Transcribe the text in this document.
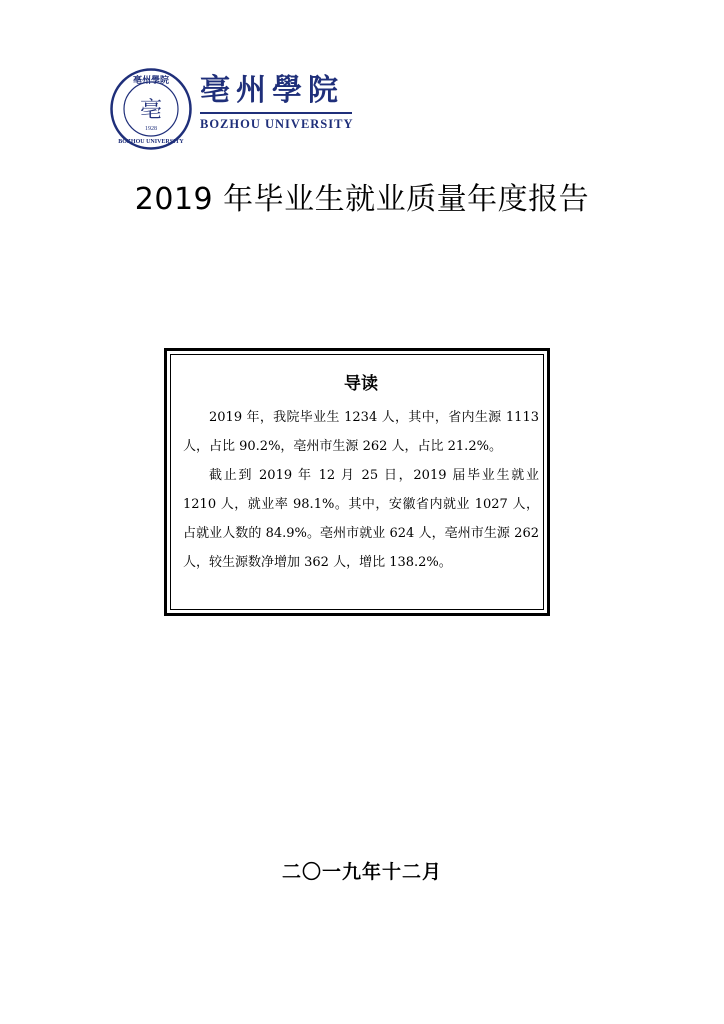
亳州學院
BOZHOU UNIVERSITY
亳
1928
亳州學院
BOZHOU UNIVERSITY
2019 年毕业生就业质量年度报告
导读

2019 年，我院毕业生 1234 人，其中，省内生源 1113 人，占比 90.2%，亳州市生源 262 人，占比 21.2%。

截止到 2019 年 12 月 25 日，2019 届毕业生就业 1210 人，就业率 98.1%。其中，安徽省内就业 1027 人，占就业人数的 84.9%。亳州市就业 624 人，亳州市生源 262 人，较生源数净增加 362 人，增比 138.2%。

二〇一九年十二月
